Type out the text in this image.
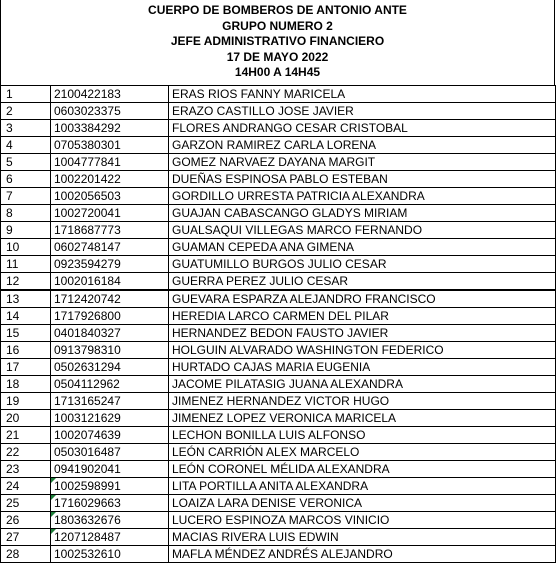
CUERPO DE BOMBEROS DE ANTONIO ANTE
GRUPO NUMERO 2
JEFE ADMINISTRATIVO FINANCIERO
17 DE MAYO 2022
14H00 A 14H45
1	2100422183	ERAS RIOS FANNY MARICELA
2	0603023375	ERAZO CASTILLO JOSE JAVIER
3	1003384292	FLORES ANDRANGO CESAR CRISTOBAL
4	0705380301	GARZON RAMIREZ CARLA LORENA
5	1004777841	GOMEZ NARVAEZ DAYANA MARGIT
6	1002201422	DUEÑAS ESPINOSA PABLO ESTEBAN
7	1002056503	GORDILLO URRESTA PATRICIA ALEXANDRA
8	1002720041	GUAJAN CABASCANGO GLADYS MIRIAM
9	1718687773	GUALSAQUI VILLEGAS MARCO FERNANDO
10	0602748147	GUAMAN CEPEDA ANA GIMENA
11	0923594279	GUATUMILLO BURGOS JULIO CESAR
12	1002016184	GUERRA PEREZ JULIO CESAR
13	1712420742	GUEVARA ESPARZA ALEJANDRO FRANCISCO
14	1717926800	HEREDIA LARCO CARMEN DEL PILAR
15	0401840327	HERNANDEZ BEDON FAUSTO JAVIER
16	0913798310	HOLGUIN ALVARADO WASHINGTON FEDERICO
17	0502631294	HURTADO CAJAS MARIA EUGENIA
18	0504112962	JACOME PILATASIG JUANA ALEXANDRA
19	1713165247	JIMENEZ HERNANDEZ VICTOR HUGO
20	1003121629	JIMENEZ LOPEZ VERONICA MARICELA
21	1002074639	LECHON BONILLA LUIS ALFONSO
22	0503016487	LEÓN CARRIÓN ALEX MARCELO
23	0941902041	LEÓN CORONEL MÉLIDA ALEXANDRA
24	1002598991	LITA PORTILLA ANITA ALEXANDRA
25	1716029663	LOAIZA LARA DENISE VERONICA
26	1803632676	LUCERO ESPINOZA MARCOS VINICIO
27	1207128487	MACIAS RIVERA LUIS EDWIN
28	1002532610	MAFLA MÉNDEZ ANDRÉS ALEJANDRO
